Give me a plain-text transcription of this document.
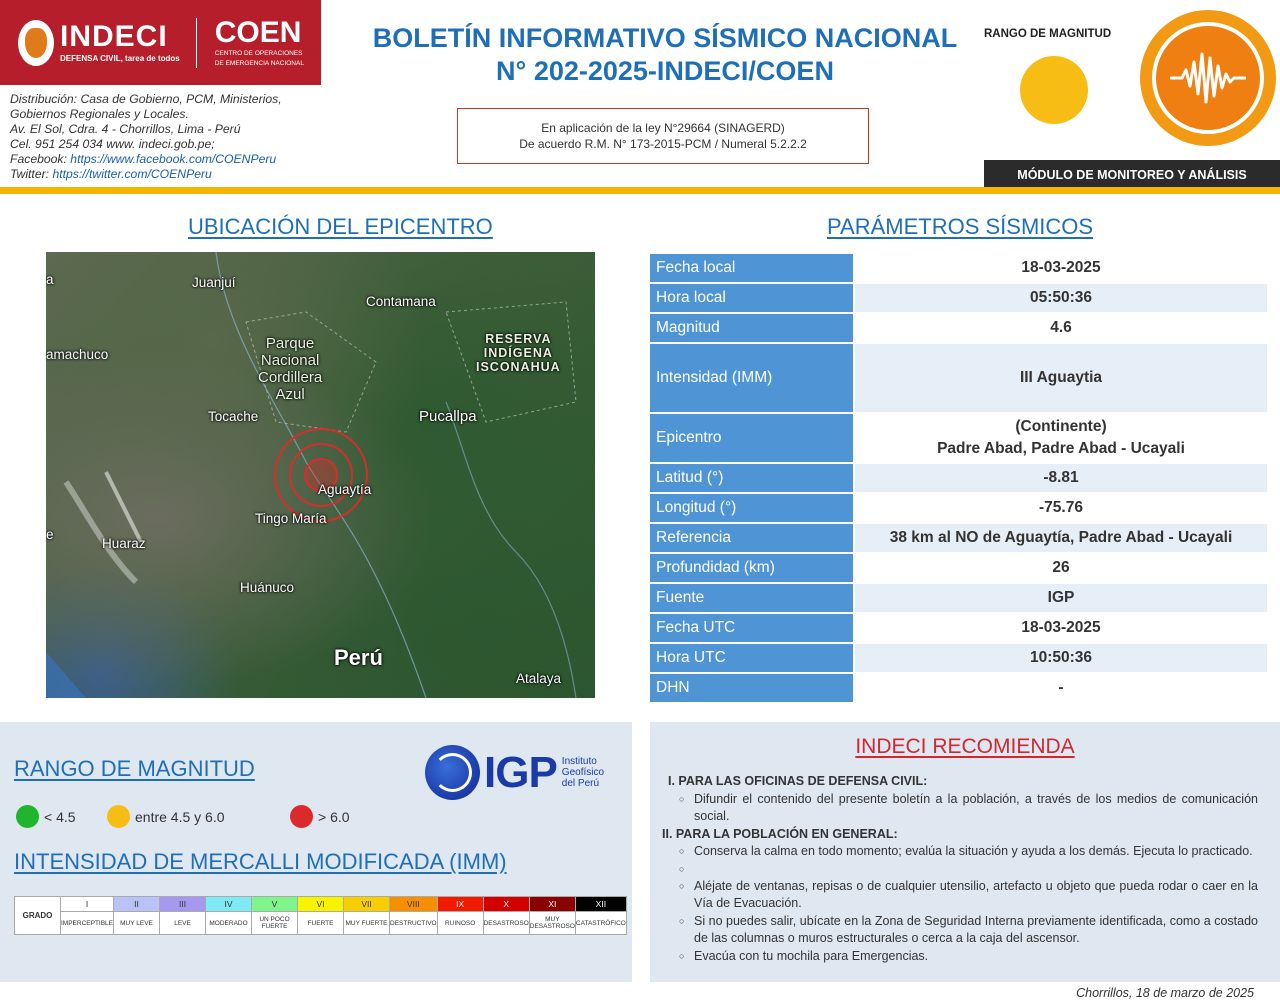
INDECI
DEFENSA CIVIL, tarea de todos
COEN
CENTRO DE OPERACIONES
DE EMERGENCIA NACIONAL
Distribución: Casa de Gobierno, PCM, Ministerios,
Gobiernos Regionales y Locales.
Av. El Sol, Cdra. 4 - Chorrillos, Lima - Perú
Cel. 951 254 034 www. indeci.gob.pe;
Facebook: https://www.facebook.com/COENPeru
Twitter: https://twitter.com/COENPeru
BOLETÍN INFORMATIVO SÍSMICO NACIONAL
N° 202-2025-INDECI/COEN
En aplicación de la ley N°29664 (SINAGERD)
De acuerdo R.M. N° 173-2015-PCM / Numeral 5.2.2.2
RANGO DE MAGNITUD
MÓDULO DE MONITOREO Y ANÁLISIS
UBICACIÓN DEL EPICENTRO
Juanjuí
Contamana
Parque
Nacional
Cordillera
Azul
RESERVA
INDÍGENA
ISCONAHUA
amachuco
a
Tocache	Pucallpa
Aguaytía
Tingo María
e
Huaraz
Huánuco
Perú
Atalaya
PARÁMETROS SÍSMICOS
Fecha local	18-03-2025

Hora local	05:50:36

Magnitud	4.6

Intensidad (IMM)	III Aguaytia

Epicentro	(Continente)
Padre Abad, Padre Abad - Ucayali

Latitud (°)	-8.81

Longitud (°)	-75.76

Referencia	38 km al NO de Aguaytía, Padre Abad - Ucayali

Profundidad (km)	26

Fuente	IGP

Fecha UTC	18-03-2025

Hora UTC	10:50:36

DHN	-
RANGO DE MAGNITUD	IGP Instituto
Geofísico
del Perú
< 4.5	entre 4.5 y 6.0	> 6.0
INTENSIDAD DE MERCALLI MODIFICADA (IMM)
GRADO	I	II	III	IV	V	VI	VII	VIII	IX	X	XI	XII
	IMPERCEPTIBLE	MUY LEVE	LEVE	MODERADO	UN POCO FUERTE	FUERTE	MUY FUERTE	DESTRUCTIVO	RUINOSO	DESASTROSO	MUY DESASTROSO	CATASTRÓFICO
INDECI RECOMIENDA
I. PARA LAS OFICINAS DE DEFENSA CIVIL:
○ Difundir el contenido del presente boletín a la población, a través de los medios de comunicación social.
II. PARA LA POBLACIÓN EN GENERAL:
○ Conserva la calma en todo momento; evalúa la situación y ayuda a los demás. Ejecuta lo practicado.
○
○ Aléjate de ventanas, repisas o de cualquier utensilio, artefacto u objeto que pueda rodar o caer en la Vía de Evacuación.
○ Si no puedes salir, ubícate en la Zona de Seguridad Interna previamente identificada, como a costado de las columnas o muros estructurales o cerca a la caja del ascensor.
○ Evacúa con tu mochila para Emergencias.
Chorrillos, 18 de marzo de 2025
